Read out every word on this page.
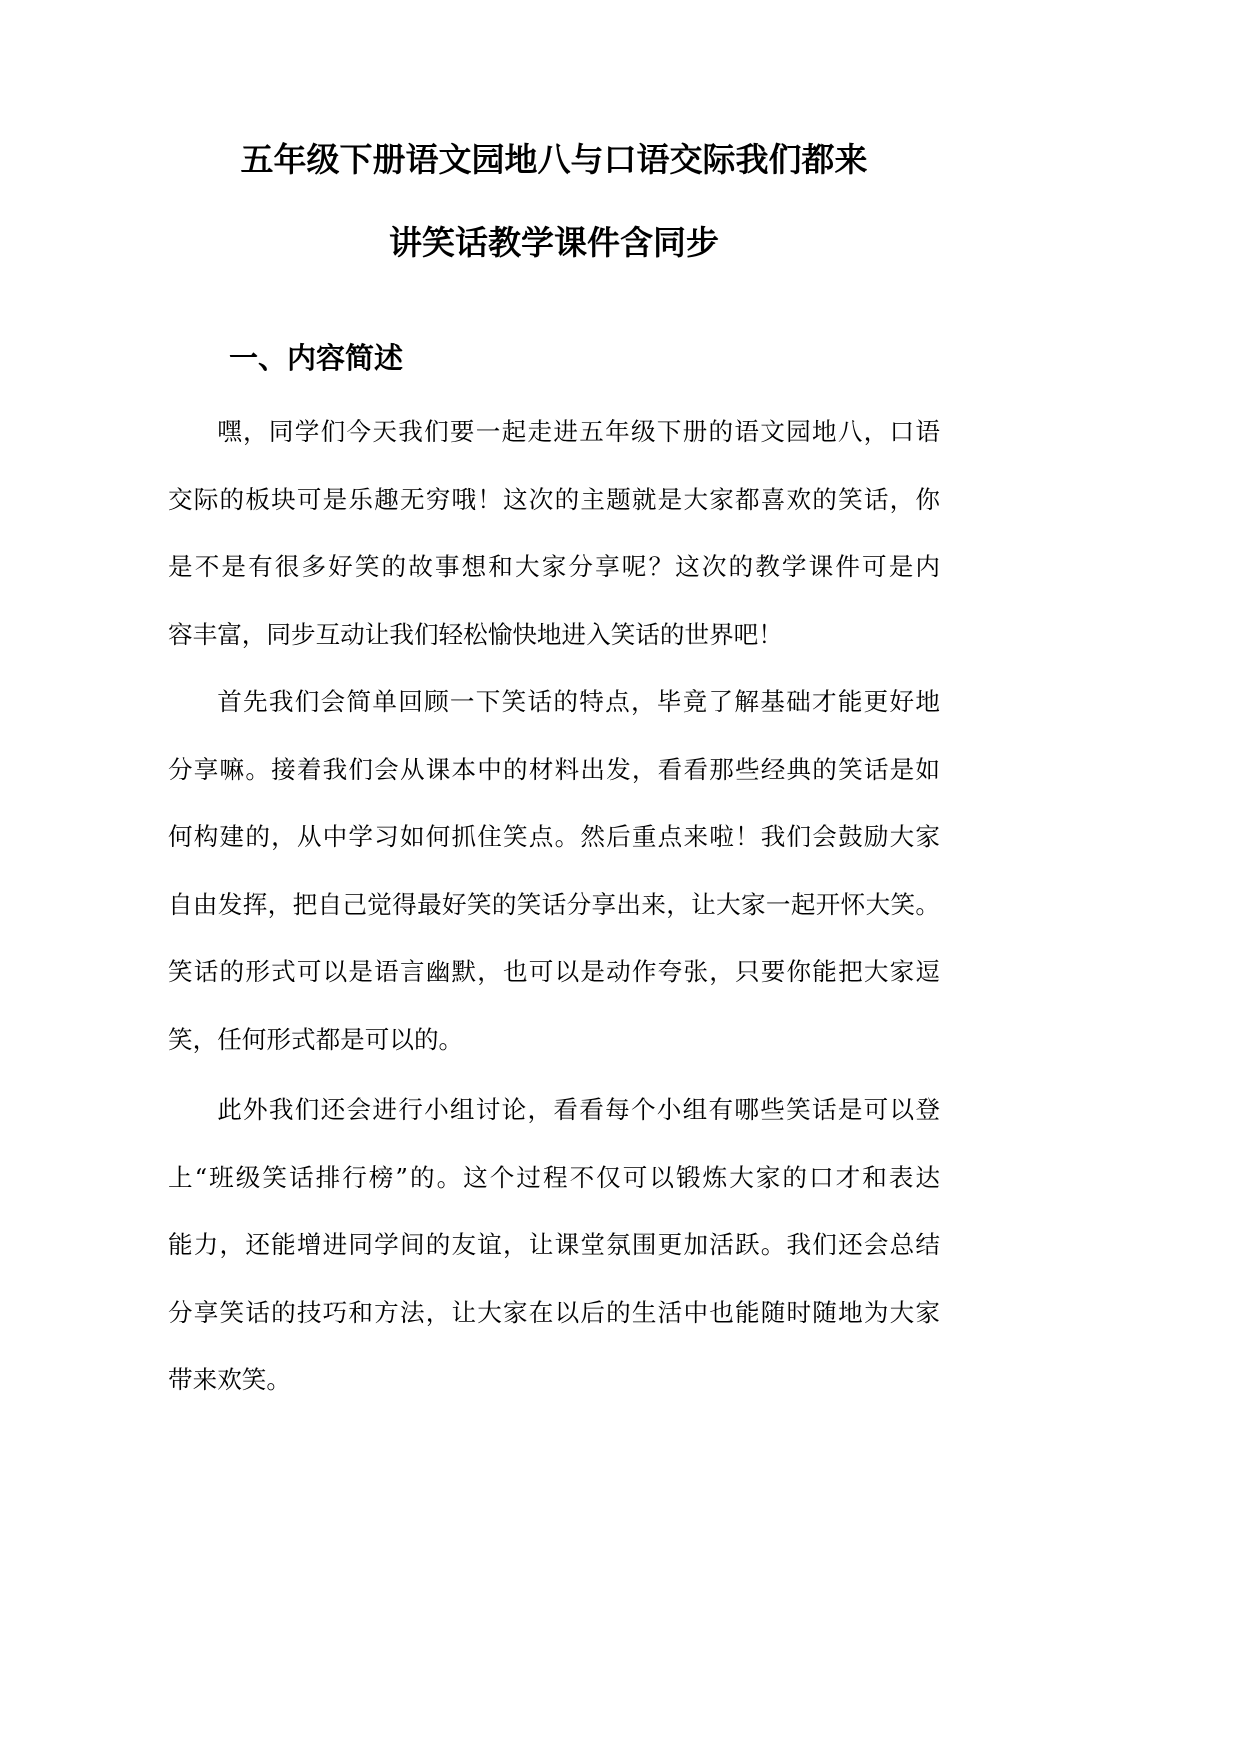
五年级下册语文园地八与口语交际我们都来
讲笑话教学课件含同步
一、内容简述
嘿，同学们今天我们要一起走进五年级下册的语文园地八，口语
交际的板块可是乐趣无穷哦！这次的主题就是大家都喜欢的笑话，你
是不是有很多好笑的故事想和大家分享呢？这次的教学课件可是内
容丰富，同步互动让我们轻松愉快地进入笑话的世界吧！
首先我们会简单回顾一下笑话的特点，毕竟了解基础才能更好地
分享嘛。接着我们会从课本中的材料出发，看看那些经典的笑话是如
何构建的，从中学习如何抓住笑点。然后重点来啦！我们会鼓励大家
自由发挥，把自己觉得最好笑的笑话分享出来，让大家一起开怀大笑。
笑话的形式可以是语言幽默，也可以是动作夸张，只要你能把大家逗
笑，任何形式都是可以的。
此外我们还会进行小组讨论，看看每个小组有哪些笑话是可以登
上“班级笑话排行榜”的。这个过程不仅可以锻炼大家的口才和表达
能力，还能增进同学间的友谊，让课堂氛围更加活跃。我们还会总结
分享笑话的技巧和方法，让大家在以后的生活中也能随时随地为大家
带来欢笑。
